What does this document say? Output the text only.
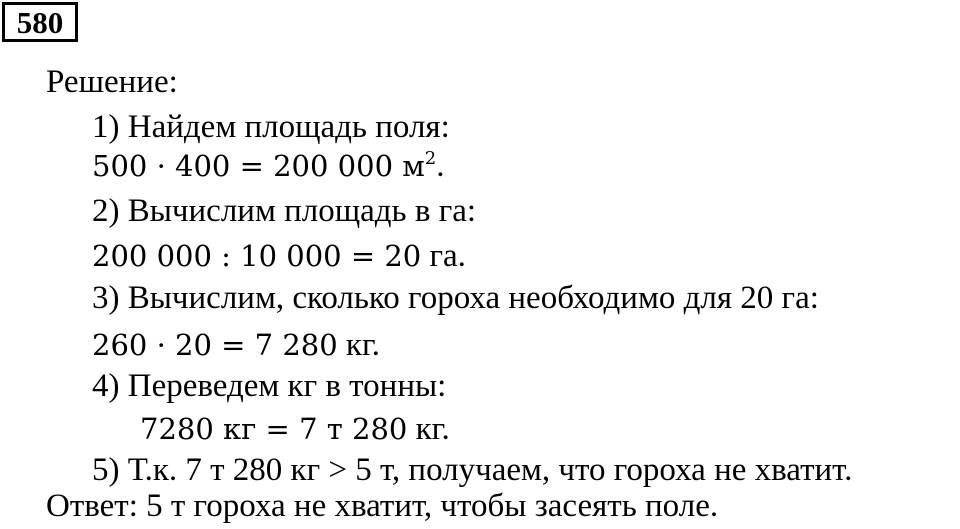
580
Решение:
1) Найдем площадь поля:
500 · 400 = 200 000 $м^2$.
2) Вычислим площадь в га:
200 000 : 10 000 = 20 га.
3) Вычислим, сколько гороха необходимо для 20 га:
260 · 20 = 7 280 кг.
4) Переведем кг в тонны:
7280 кг = 7 т 280 кг.
5) Т.к. 7 т 280 кг > 5 т, получаем, что гороха не хватит.
Ответ: 5 т гороха не хватит, чтобы засеять поле.
